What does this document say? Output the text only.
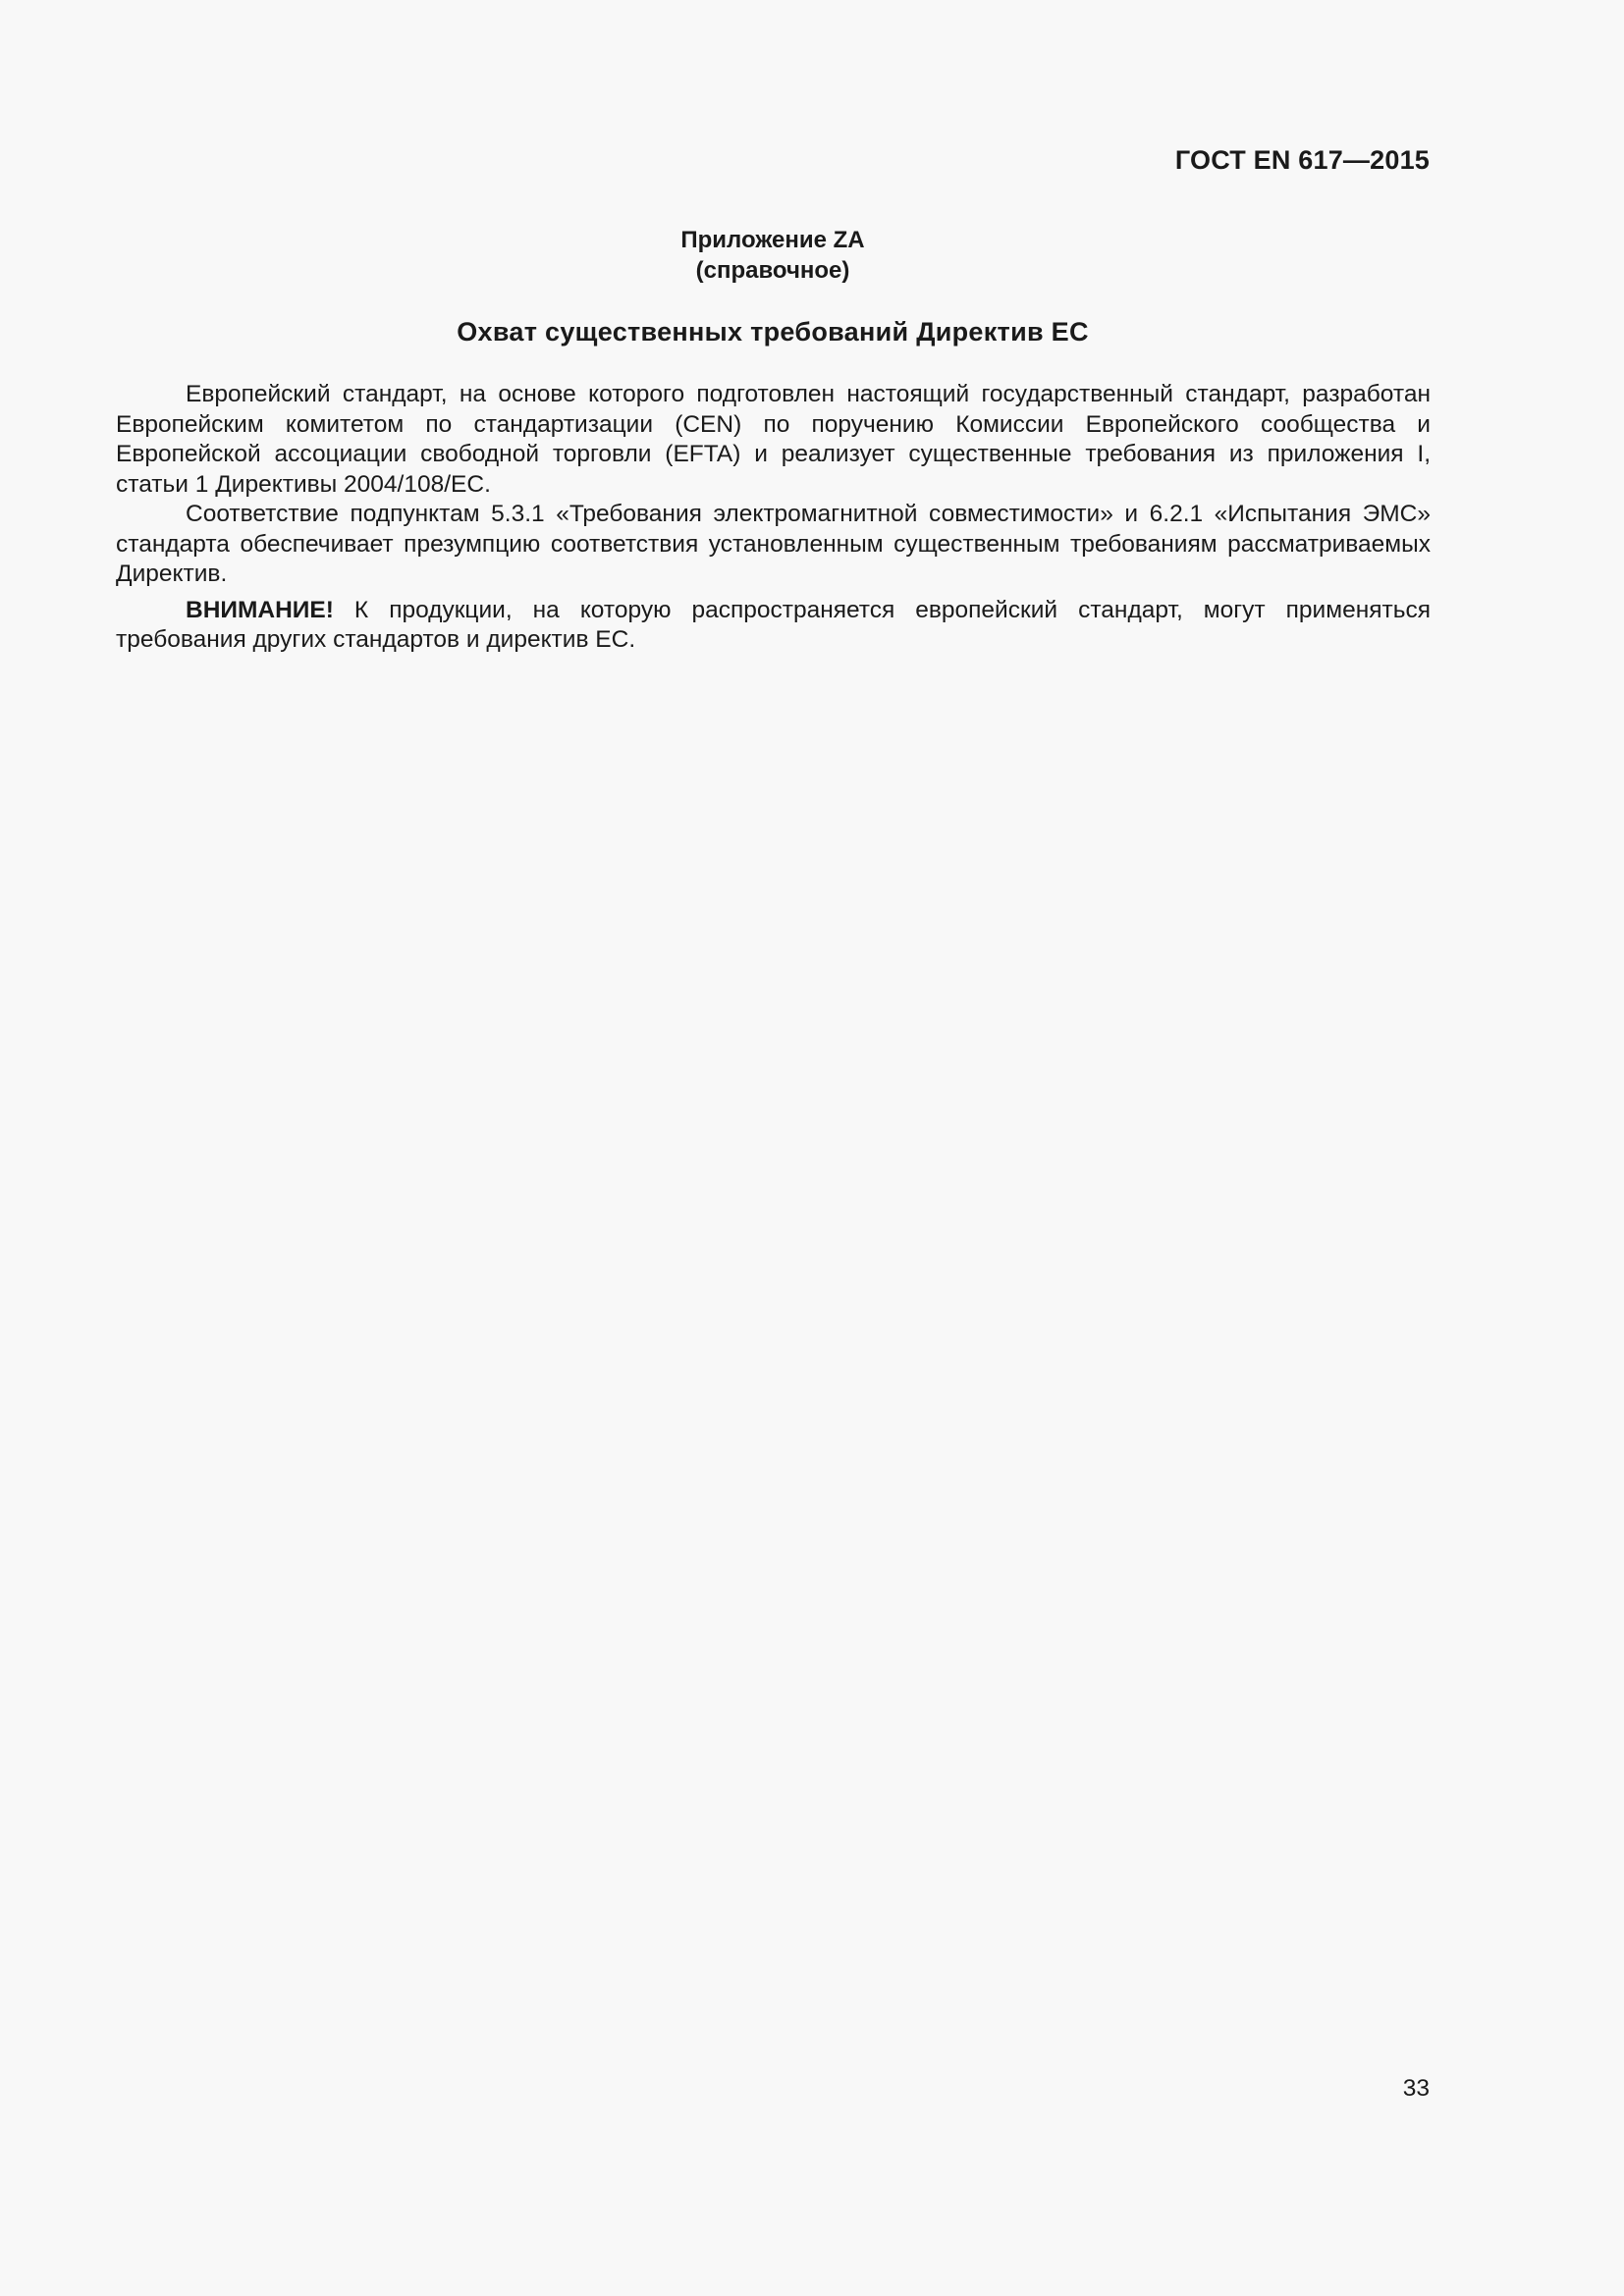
ГОСТ EN 617—2015
Приложение ZA
(справочное)
Охват существенных требований Директив ЕС

Европейский стандарт, на основе которого подготовлен настоящий государственный стандарт, разработан Европейским комитетом по стандартизации (CEN) по поручению Комиссии Европейского сообщества и Европейской ассоциации свободной торговли (EFTA) и реализует существенные требования из приложения I, статьи 1 Директивы 2004/108/ЕС.

Соответствие подпунктам 5.3.1 «Требования электромагнитной совместимости» и 6.2.1 «Испытания ЭМС» стандарта обеспечивает презумпцию соответствия установленным существенным требованиям рассматриваемых Директив.

ВНИМАНИЕ! К продукции, на которую распространяется европейский стандарт, могут применяться требования других стандартов и директив ЕС.

33
